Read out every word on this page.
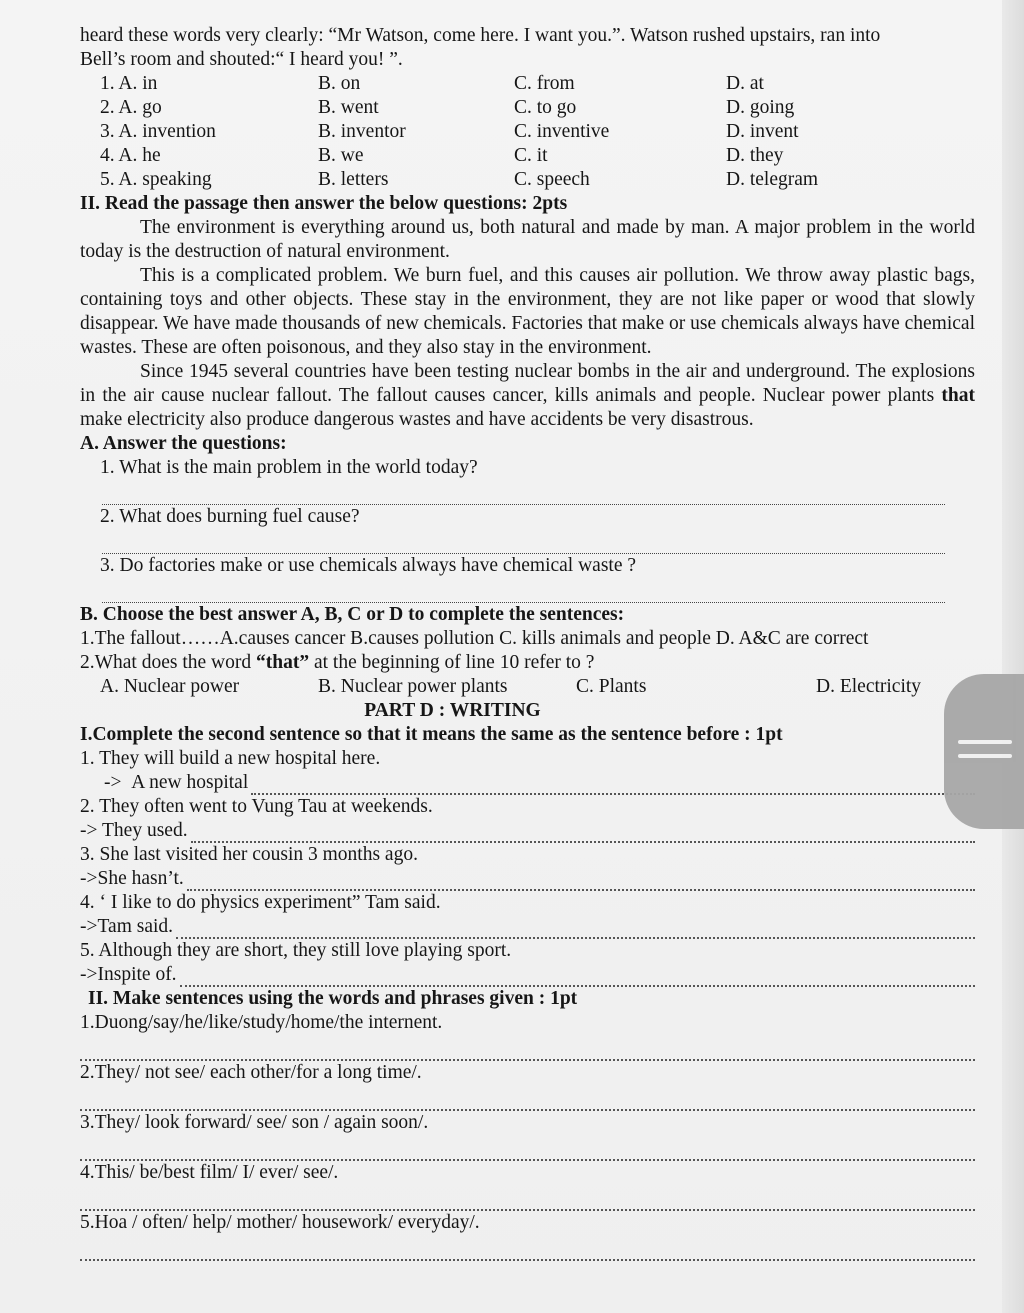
heard these words very clearly: “Mr Watson, come here. I want you.”. Watson rushed upstairs, ran into

Bell’s room and shouted:“ I heard you! ”.

1. A. in	B. on	C. from	D. at
2. A. go	B. went	C. to go	D. going
3. A. invention	B. inventor	C. inventive	D. invent
4. A. he	B. we	C. it	D. they
5. A. speaking	B. letters	C. speech	D. telegram

II. Read the passage then answer the below questions: 2pts

The environment is everything around us, both natural and made by man. A major problem in the world today is the destruction of natural environment.

This is a complicated problem. We burn fuel, and this causes air pollution. We throw away plastic bags, containing toys and other objects. These stay in the environment, they are not like paper or wood that slowly disappear. We have made thousands of new chemicals. Factories that make or use chemicals always have chemical wastes. These are often poisonous, and they also stay in the environment.

Since 1945 several countries have been testing nuclear bombs in the air and underground. The explosions in the air cause nuclear fallout. The fallout causes cancer, kills animals and people. Nuclear power plants that make electricity also produce dangerous wastes and have accidents be very disastrous.

A. Answer the questions:

1. What is the main problem in the world today?

2. What does burning fuel cause?

3. Do factories make or use chemicals always have chemical waste ?

B. Choose the best answer A, B, C or D to complete the sentences:

1.The fallout……A.causes cancer B.causes pollution C. kills animals and people D. A&C are correct

2.What does the word “that” at the beginning of line 10 refer to ?

A. Nuclear power	B. Nuclear power plants	C. Plants	D. Electricity

PART D : WRITING

I.Complete the second sentence so that it means the same as the sentence before : 1pt

1. They will build a new hospital here.

->  A new hospital

2. They often went to Vung Tau at weekends.

-> They used.

3. She last visited her cousin 3 months ago.

->She hasn’t.

4. ‘ I like to do physics experiment” Tam said.

->Tam said.

5. Although they are short, they still love playing sport.

->Inspite of.

II. Make sentences using the words and phrases given : 1pt

1.Duong/say/he/like/study/home/the internent.

2.They/ not see/ each other/for a long time/.

3.They/ look forward/ see/ son / again soon/.

4.This/ be/best film/ I/ ever/ see/.

5.Hoa / often/ help/ mother/ housework/ everyday/.
